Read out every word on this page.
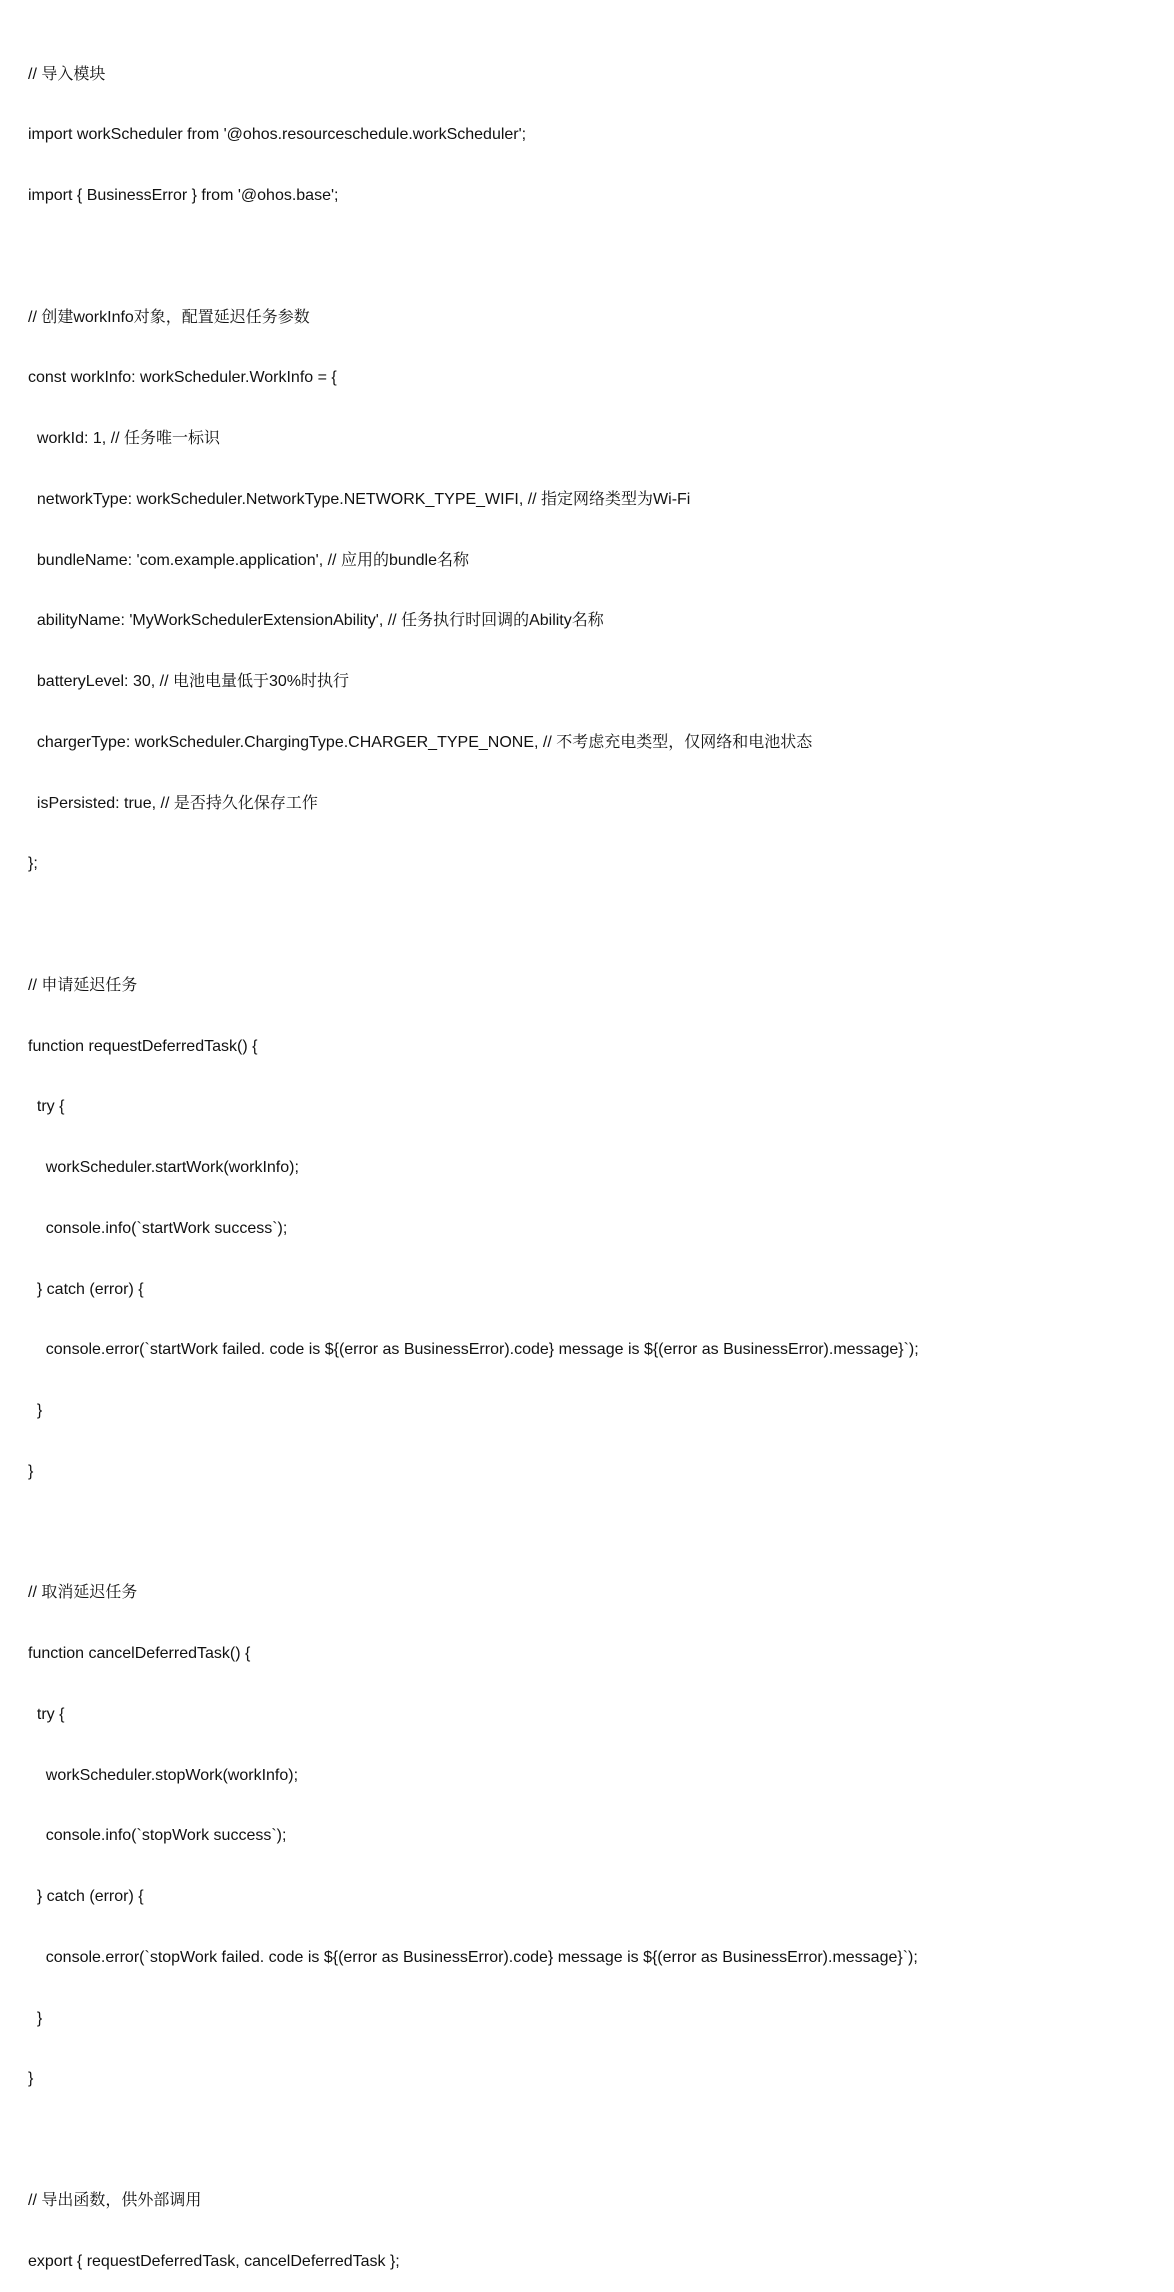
// 导入模块

import workScheduler from '@ohos.resourceschedule.workScheduler';

import { BusinessError } from '@ohos.base';

// 创建workInfo对象，配置延迟任务参数

const workInfo: workScheduler.WorkInfo = {

workId: 1, // 任务唯一标识

networkType: workScheduler.NetworkType.NETWORK_TYPE_WIFI, // 指定网络类型为Wi-Fi

bundleName: 'com.example.application', // 应用的bundle名称

abilityName: 'MyWorkSchedulerExtensionAbility', // 任务执行时回调的Ability名称

batteryLevel: 30, // 电池电量低于30%时执行

chargerType: workScheduler.ChargingType.CHARGER_TYPE_NONE, // 不考虑充电类型，仅网络和电池状态

isPersisted: true, // 是否持久化保存工作

};

// 申请延迟任务

function requestDeferredTask() {

try {

workScheduler.startWork(workInfo);

console.info(`startWork success`);

} catch (error) {

console.error(`startWork failed. code is ${(error as BusinessError).code} message is ${(error as BusinessError).message}`);

}

}

// 取消延迟任务

function cancelDeferredTask() {

try {

workScheduler.stopWork(workInfo);

console.info(`stopWork success`);

} catch (error) {

console.error(`stopWork failed. code is ${(error as BusinessError).code} message is ${(error as BusinessError).message}`);

}

}

// 导出函数，供外部调用

export { requestDeferredTask, cancelDeferredTask };
